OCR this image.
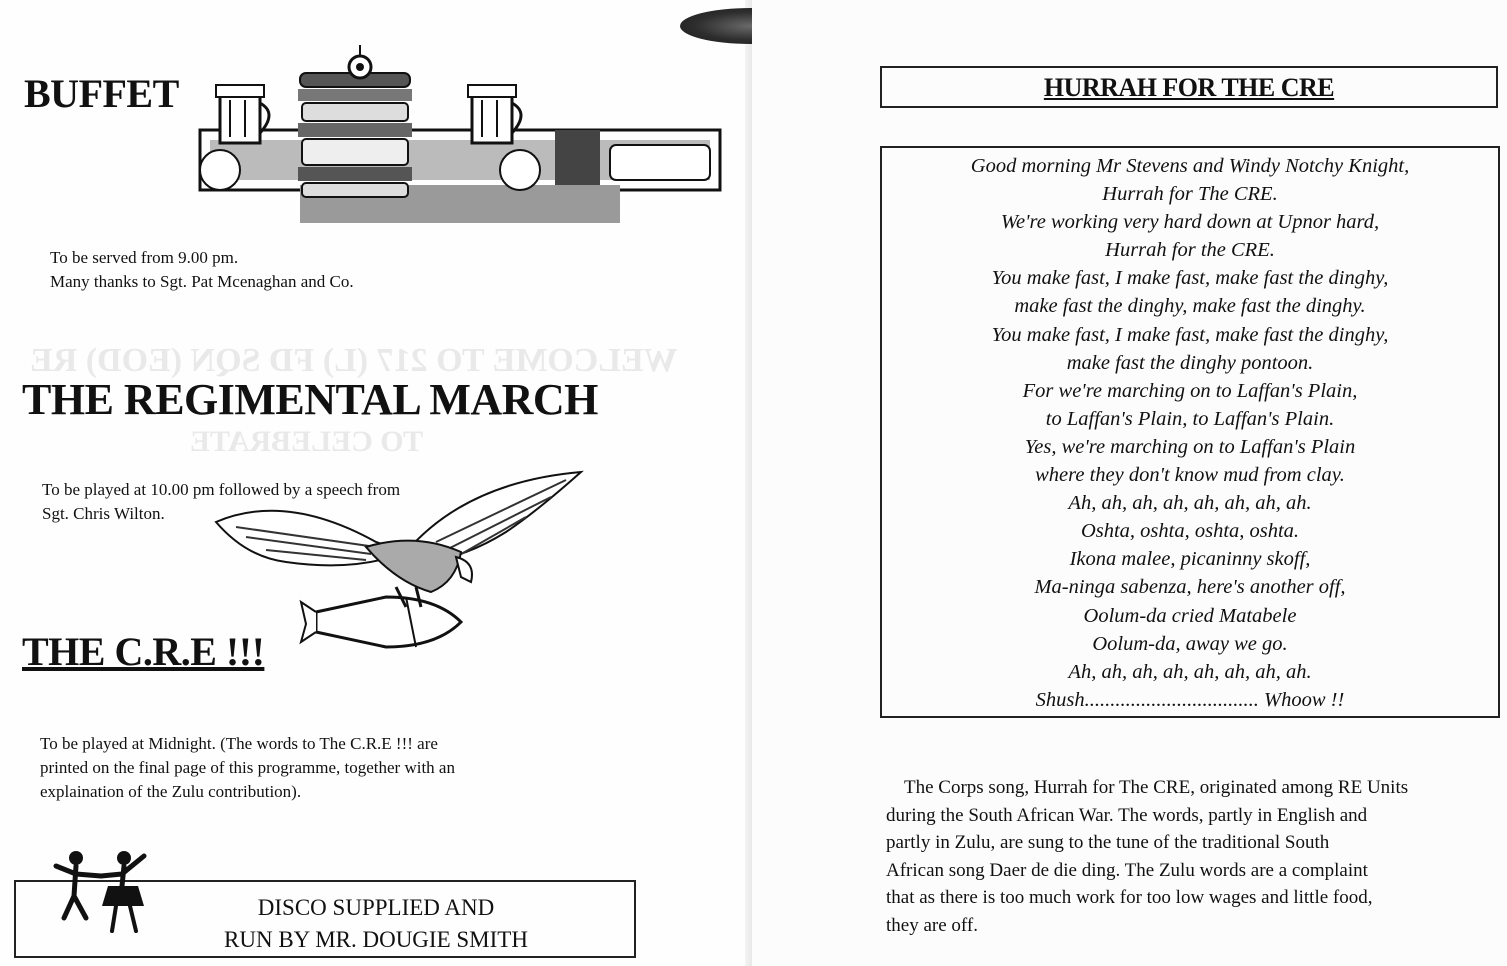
WELCOME TO 217 (L) FD SQN (EOD) RE
TO CELEBRATE
BUFFET

To be served from 9.00 pm.

Many thanks to Sgt. Pat Mcenaghan and Co.

THE REGIMENTAL MARCH

To be played at 10.00 pm followed by a speech from

Sgt. Chris Wilton.

THE C.R.E !!!

To be played at Midnight. (The words to The C.R.E !!! are

printed on the final page of this programme, together with an

explaination of the Zulu contribution).

DISCO SUPPLIED AND
RUN BY MR. DOUGIE SMITH
HURRAH FOR THE CRE
Good morning Mr Stevens and Windy Notchy Knight,
Hurrah for The CRE.
We're working very hard down at Upnor hard,
Hurrah for the CRE.
You make fast, I make fast, make fast the dinghy,
make fast the dinghy, make fast the dinghy.
You make fast, I make fast, make fast the dinghy,
make fast the dinghy pontoon.
For we're marching on to Laffan's Plain,
to Laffan's Plain, to Laffan's Plain.
Yes, we're marching on to Laffan's Plain
where they don't know mud from clay.
Ah, ah, ah, ah, ah, ah, ah, ah.
Oshta, oshta, oshta, oshta.
Ikona malee, picaninny skoff,
Ma-ninga sabenza, here's another off,
Oolum-da cried Matabele
Oolum-da, away we go.
Ah, ah, ah, ah, ah, ah, ah, ah.
Shush.................................. Whoow !!
The Corps song, Hurrah for The CRE, originated among RE Units
during the South African War. The words, partly in English and
partly in Zulu, are sung to the tune of the traditional South
African song Daer de die ding. The Zulu words are a complaint
that as there is too much work for too low wages and little food,
they are off.
